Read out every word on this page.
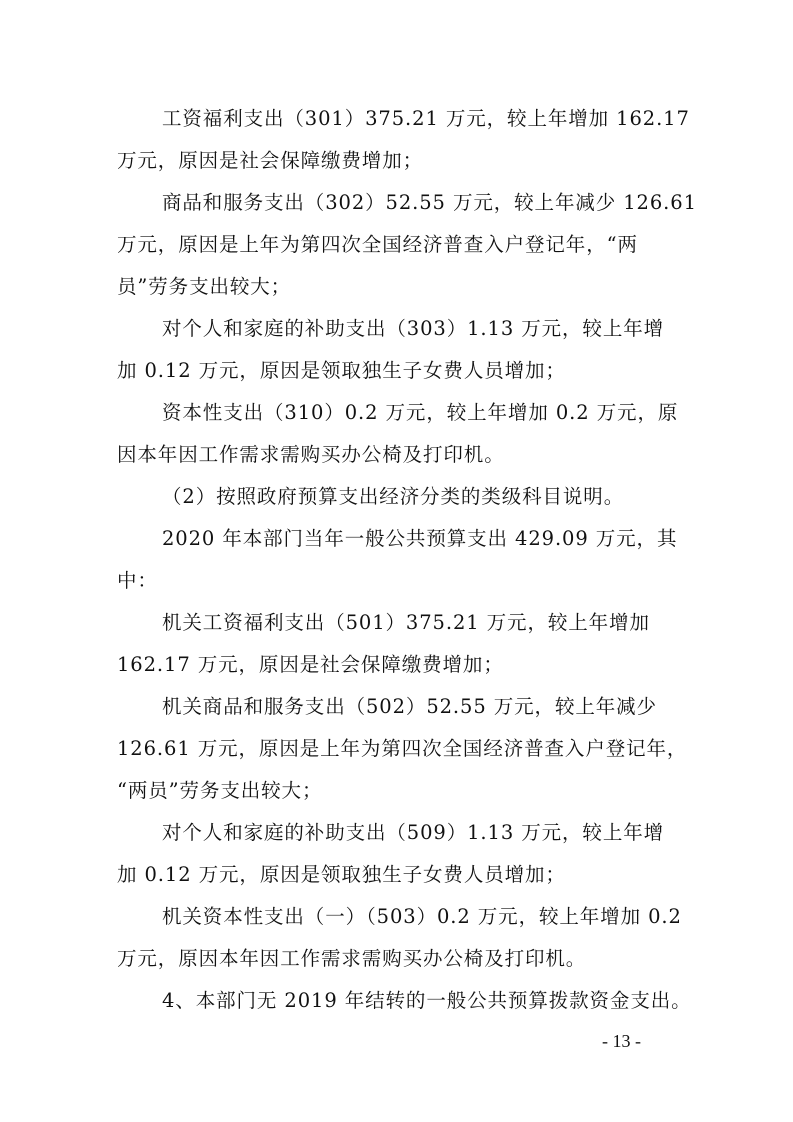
工资福利支出（301）375.21 万元，较上年增加 162.17
万元，原因是社会保障缴费增加；
商品和服务支出（302）52.55 万元，较上年减少 126.61
万元，原因是上年为第四次全国经济普查入户登记年，“两
员”劳务支出较大；
对个人和家庭的补助支出（303）1.13 万元，较上年增
加 0.12 万元，原因是领取独生子女费人员增加；
资本性支出（310）0.2 万元，较上年增加 0.2 万元，原
因本年因工作需求需购买办公椅及打印机。
（2）按照政府预算支出经济分类的类级科目说明。
2020 年本部门当年一般公共预算支出 429.09 万元，其
中：
机关工资福利支出（501）375.21 万元，较上年增加
162.17 万元，原因是社会保障缴费增加；
机关商品和服务支出（502）52.55 万元，较上年减少
126.61 万元，原因是上年为第四次全国经济普查入户登记年，
“两员”劳务支出较大；
对个人和家庭的补助支出（509）1.13 万元，较上年增
加 0.12 万元，原因是领取独生子女费人员增加；
机关资本性支出（一）（503）0.2 万元，较上年增加 0.2
万元，原因本年因工作需求需购买办公椅及打印机。
4、本部门无 2019 年结转的一般公共预算拨款资金支出。
- 13 -
